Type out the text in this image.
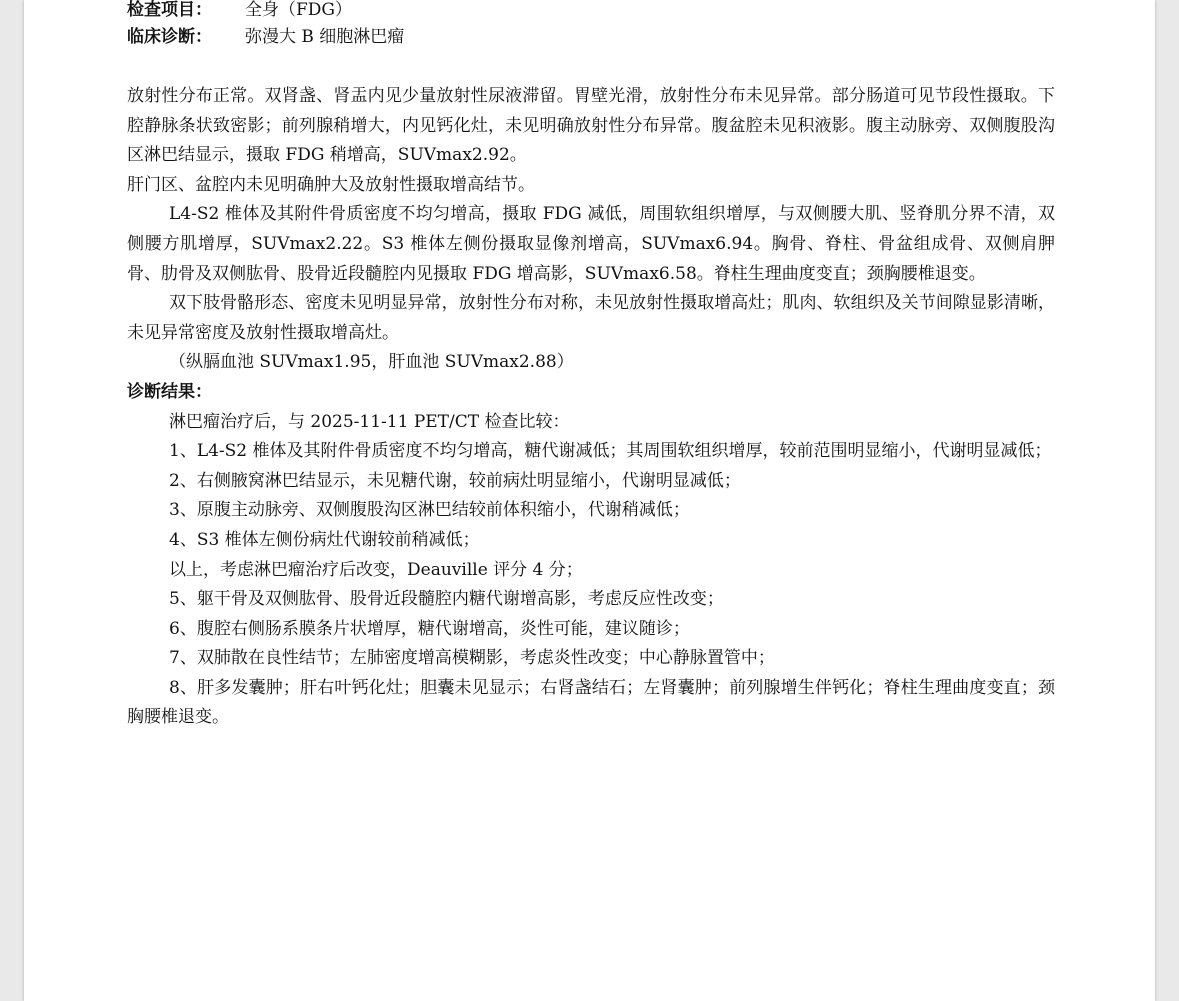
检查项目： 全身（FDG）
临床诊断： 弥漫大 B 细胞淋巴瘤

放射性分布正常。双肾盏、肾盂内见少量放射性尿液滞留。胃壁光滑，放射性分布未见异常。部分肠道可见节段性摄取。下腔静脉条状致密影；前列腺稍增大，内见钙化灶，未见明确放射性分布异常。腹盆腔未见积液影。腹主动脉旁、双侧腹股沟区淋巴结显示，摄取 FDG 稍增高，SUVmax2.92。

肝门区、盆腔内未见明确肿大及放射性摄取增高结节。

L4-S2 椎体及其附件骨质密度不均匀增高，摄取 FDG 减低，周围软组织增厚，与双侧腰大肌、竖脊肌分界不清，双侧腰方肌增厚，SUVmax2.22。S3 椎体左侧份摄取显像剂增高，SUVmax6.94。胸骨、脊柱、骨盆组成骨、双侧肩胛骨、肋骨及双侧肱骨、股骨近段髓腔内见摄取 FDG 增高影，SUVmax6.58。脊柱生理曲度变直；颈胸腰椎退变。

双下肢骨骼形态、密度未见明显异常，放射性分布对称，未见放射性摄取增高灶；肌肉、软组织及关节间隙显影清晰，未见异常密度及放射性摄取增高灶。

（纵膈血池 SUVmax1.95，肝血池 SUVmax2.88）

诊断结果：

淋巴瘤治疗后，与 2025-11-11 PET/CT 检查比较：

1、L4-S2 椎体及其附件骨质密度不均匀增高，糖代谢减低；其周围软组织增厚，较前范围明显缩小，代谢明显减低；

2、右侧腋窝淋巴结显示，未见糖代谢，较前病灶明显缩小，代谢明显减低；

3、原腹主动脉旁、双侧腹股沟区淋巴结较前体积缩小，代谢稍减低；

4、S3 椎体左侧份病灶代谢较前稍减低；

以上，考虑淋巴瘤治疗后改变，Deauville 评分 4 分；

5、躯干骨及双侧肱骨、股骨近段髓腔内糖代谢增高影，考虑反应性改变；

6、腹腔右侧肠系膜条片状增厚，糖代谢增高，炎性可能，建议随诊；

7、双肺散在良性结节；左肺密度增高模糊影，考虑炎性改变；中心静脉置管中；

8、肝多发囊肿；肝右叶钙化灶；胆囊未见显示；右肾盏结石；左肾囊肿；前列腺增生伴钙化；脊柱生理曲度变直；颈胸腰椎退变。
